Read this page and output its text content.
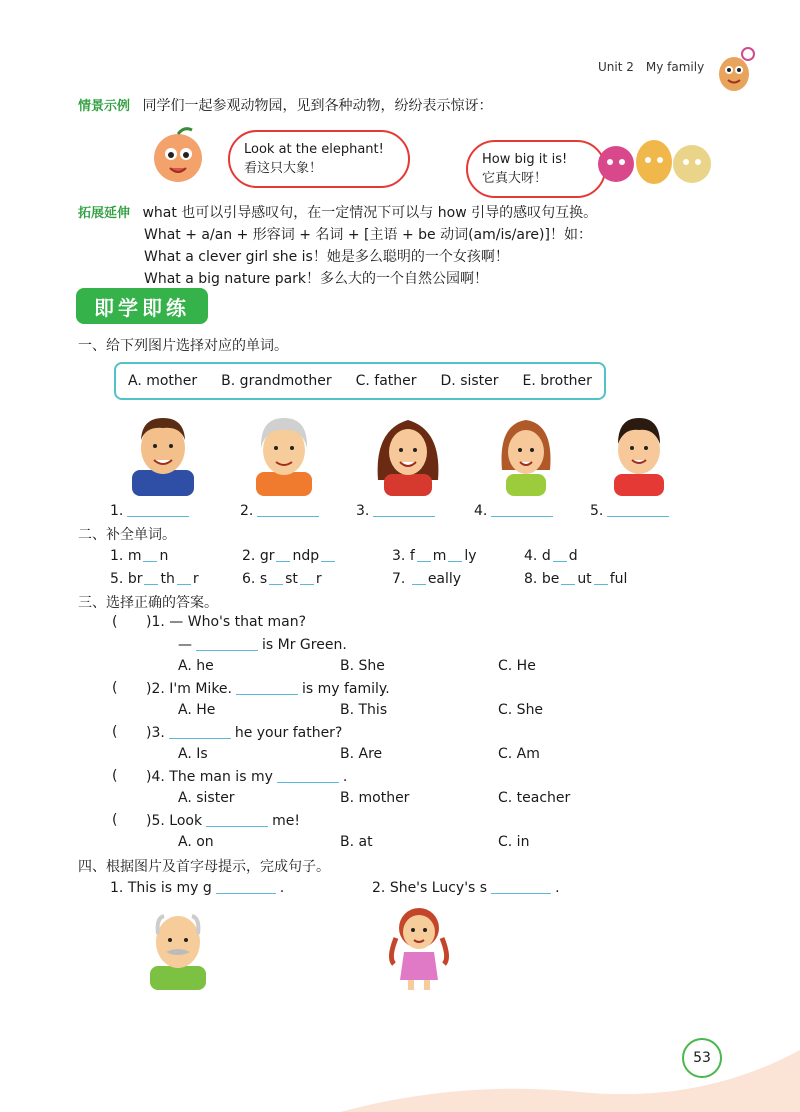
Unit 2 My family
情景示例 同学们一起参观动物园，见到各种动物，纷纷表示惊讶：
Look at the elephant!
看这只大象！
How big it is!
它真大呀！
拓展延伸 what 也可以引导感叹句，在一定情况下可以与 how 引导的感叹句互换。
What + a/an + 形容词 + 名词 + [主语 + be 动词(am/is/are)]！如：
What a clever girl she is！她是多么聪明的一个女孩啊！
What a big nature park！多么大的一个自然公园啊！
即学即练
一、给下列图片选择对应的单词。
A. mother B. grandmother C. father D. sister E. brother
1.	2.	3.	4.	5.
二、补全单词。
1. m n	2. gr ndp	3. f m ly	4. d d
5. br th r	6. s st r	7. eally	8. be ut ful
三、选择正确的答案。
( )1. — Who's that man?
—	is Mr Green.
A. he	B. She	C. He
( )2. I'm Mike.	is my family.
A. He	B. This	C. She
( )3.	he your father?
A. Is	B. Are	C. Am
( )4. The man is my	.
A. sister	B. mother	C. teacher
( )5. Look	me!
A. on	B. at	C. in
四、根据图片及首字母提示，完成句子。
1. This is my g	.	2. She's Lucy's s	.
53
